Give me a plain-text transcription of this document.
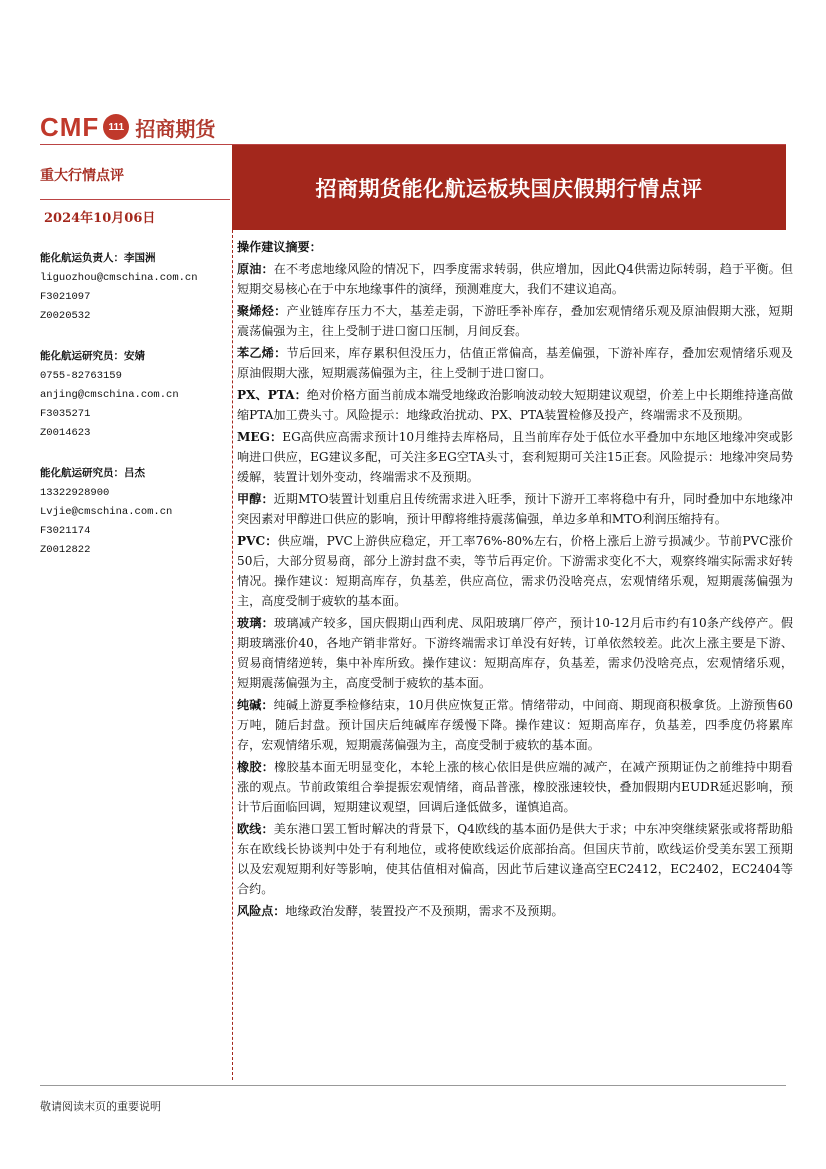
CMF 111 招商期货
重大行情点评
2024年10月06日
招商期货能化航运板块国庆假期行情点评
能化航运负责人：李国洲
liguozhou@cmschina.com.cn
F3021097
Z0020532
能化航运研究员：安婧
0755-82763159
anjing@cmschina.com.cn
F3035271
Z0014623
能化航运研究员：吕杰
13322928900
Lvjie@cmschina.com.cn
F3021174
Z0012822

操作建议摘要：

原油：在不考虑地缘风险的情况下，四季度需求转弱，供应增加，因此Q4供需边际转弱，趋于平衡。但短期交易核心在于中东地缘事件的演绎，预测难度大，我们不建议追高。

聚烯烃：产业链库存压力不大，基差走弱，下游旺季补库存，叠加宏观情绪乐观及原油假期大涨，短期震荡偏强为主，往上受制于进口窗口压制，月间反套。

苯乙烯：节后回来，库存累积但没压力，估值正常偏高，基差偏强，下游补库存，叠加宏观情绪乐观及原油假期大涨，短期震荡偏强为主，往上受制于进口窗口。

PX、PTA：绝对价格方面当前成本端受地缘政治影响波动较大短期建议观望，价差上中长期维持逢高做缩PTA加工费头寸。风险提示：地缘政治扰动、PX、PTA装置检修及投产，终端需求不及预期。

MEG：EG高供应高需求预计10月维持去库格局，且当前库存处于低位水平叠加中东地区地缘冲突或影响进口供应，EG建议多配，可关注多EG空TA头寸，套利短期可关注15正套。风险提示：地缘冲突局势缓解，装置计划外变动，终端需求不及预期。

甲醇：近期MTO装置计划重启且传统需求进入旺季，预计下游开工率将稳中有升，同时叠加中东地缘冲突因素对甲醇进口供应的影响，预计甲醇将维持震荡偏强，单边多单和MTO利润压缩持有。

PVC：供应端，PVC上游供应稳定，开工率76%-80%左右，价格上涨后上游亏损减少。节前PVC涨价50后，大部分贸易商，部分上游封盘不卖，等节后再定价。下游需求变化不大，观察终端实际需求好转情况。操作建议：短期高库存，负基差，供应高位，需求仍没啥亮点，宏观情绪乐观，短期震荡偏强为主，高度受制于疲软的基本面。

玻璃：玻璃减产较多，国庆假期山西利虎、凤阳玻璃厂停产，预计10-12月后市约有10条产线停产。假期玻璃涨价40，各地产销非常好。下游终端需求订单没有好转，订单依然较差。此次上涨主要是下游、贸易商情绪逆转，集中补库所致。操作建议：短期高库存，负基差，需求仍没啥亮点，宏观情绪乐观，短期震荡偏强为主，高度受制于疲软的基本面。

纯碱：纯碱上游夏季检修结束，10月供应恢复正常。情绪带动，中间商、期现商积极拿货。上游预售60万吨，随后封盘。预计国庆后纯碱库存缓慢下降。操作建议：短期高库存，负基差，四季度仍将累库存，宏观情绪乐观，短期震荡偏强为主，高度受制于疲软的基本面。

橡胶：橡胶基本面无明显变化，本轮上涨的核心依旧是供应端的减产，在减产预期证伪之前维持中期看涨的观点。节前政策组合拳提振宏观情绪，商品普涨，橡胶涨速较快，叠加假期内EUDR延迟影响，预计节后面临回调，短期建议观望，回调后逢低做多，谨慎追高。

欧线：美东港口罢工暂时解决的背景下，Q4欧线的基本面仍是供大于求；中东冲突继续紧张或将帮助船东在欧线长协谈判中处于有利地位，或将使欧线运价底部抬高。但国庆节前，欧线运价受美东罢工预期以及宏观短期利好等影响，使其估值相对偏高，因此节后建议逢高空EC2412，EC2402，EC2404等合约。

风险点：地缘政治发酵，装置投产不及预期，需求不及预期。

敬请阅读末页的重要说明
